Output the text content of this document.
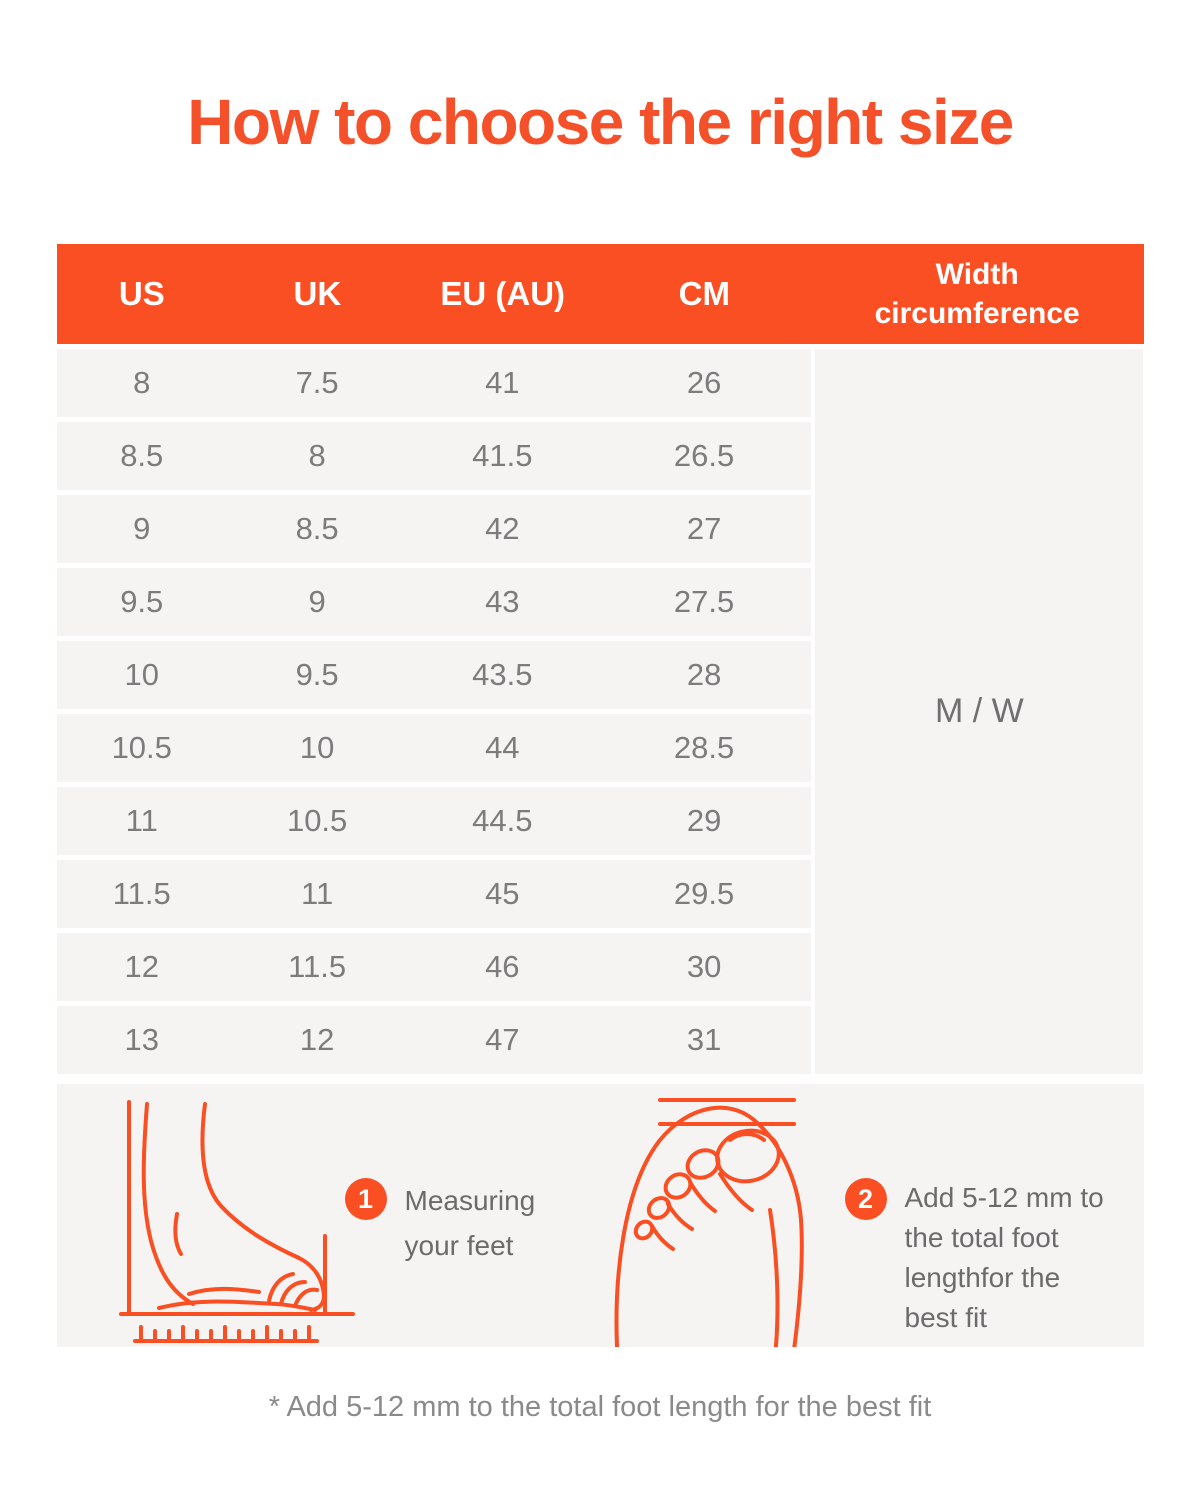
How to choose the right size
US	UK	EU (AU)	CM
Width circumference
8	7.5	41	26
8.5	8	41.5	26.5
9	8.5	42	27
9.5	9	43	27.5
10	9.5	43.5	28
10.5	10	44	28.5
11	10.5	44.5	29
11.5	11	45	29.5
12	11.5	46	30
13	12	47	31
M / W
1	Measuring
your feet
2	Add 5-12 mm to
the total foot
lengthfor the
best fit
* Add 5-12 mm to the total foot length for the best fit
